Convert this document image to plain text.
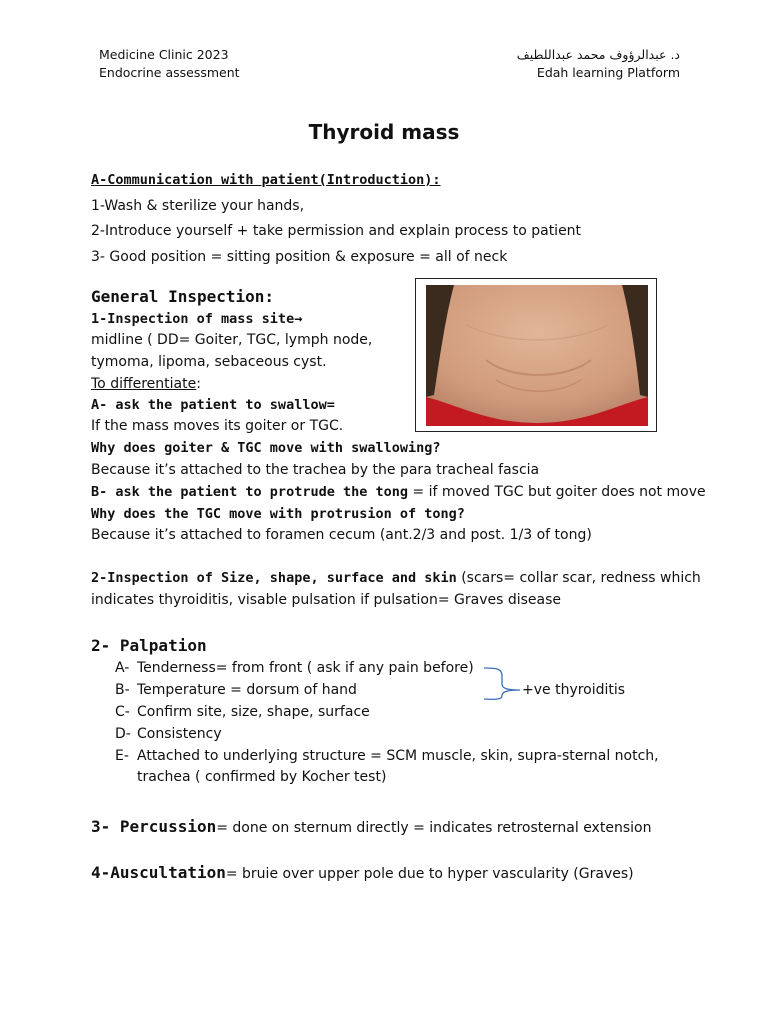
Medicine Clinic 2023
Endocrine assessment
د. عبدالرؤوف محمد عبداللطيف
Edah learning Platform
Thyroid mass
A-Communication with patient(Introduction):
1-Wash & sterilize your hands,
2-Introduce yourself + take permission and explain process to patient
3- Good position = sitting position & exposure = all of neck
General Inspection:
1-Inspection of mass site→
midline ( DD= Goiter, TGC, lymph node,
tymoma, lipoma, sebaceous cyst.
To differentiate:
A- ask the patient to swallow=
If the mass moves its goiter or TGC.
Why does goiter & TGC move with swallowing?
Because it’s attached to the trachea by the para tracheal fascia
B- ask the patient to protrude the tong = if moved TGC but goiter does not move
Why does the TGC move with protrusion of tong?
Because it’s attached to foramen cecum (ant.2/3 and post. 1/3 of tong)
2-Inspection of Size, shape, surface and skin (scars= collar scar, redness which
indicates thyroiditis, visable pulsation if pulsation= Graves disease
2- Palpation
A- Tenderness= from front ( ask if any pain before)
B- Temperature = dorsum of hand
C- Confirm site, size, shape, surface
D- Consistency
E- Attached to underlying structure = SCM muscle, skin, supra-sternal notch,
trachea ( confirmed by Kocher test)
+ve thyroiditis
3- Percussion= done on sternum directly = indicates retrosternal extension
4-Auscultation= bruie over upper pole due to hyper vascularity (Graves)
